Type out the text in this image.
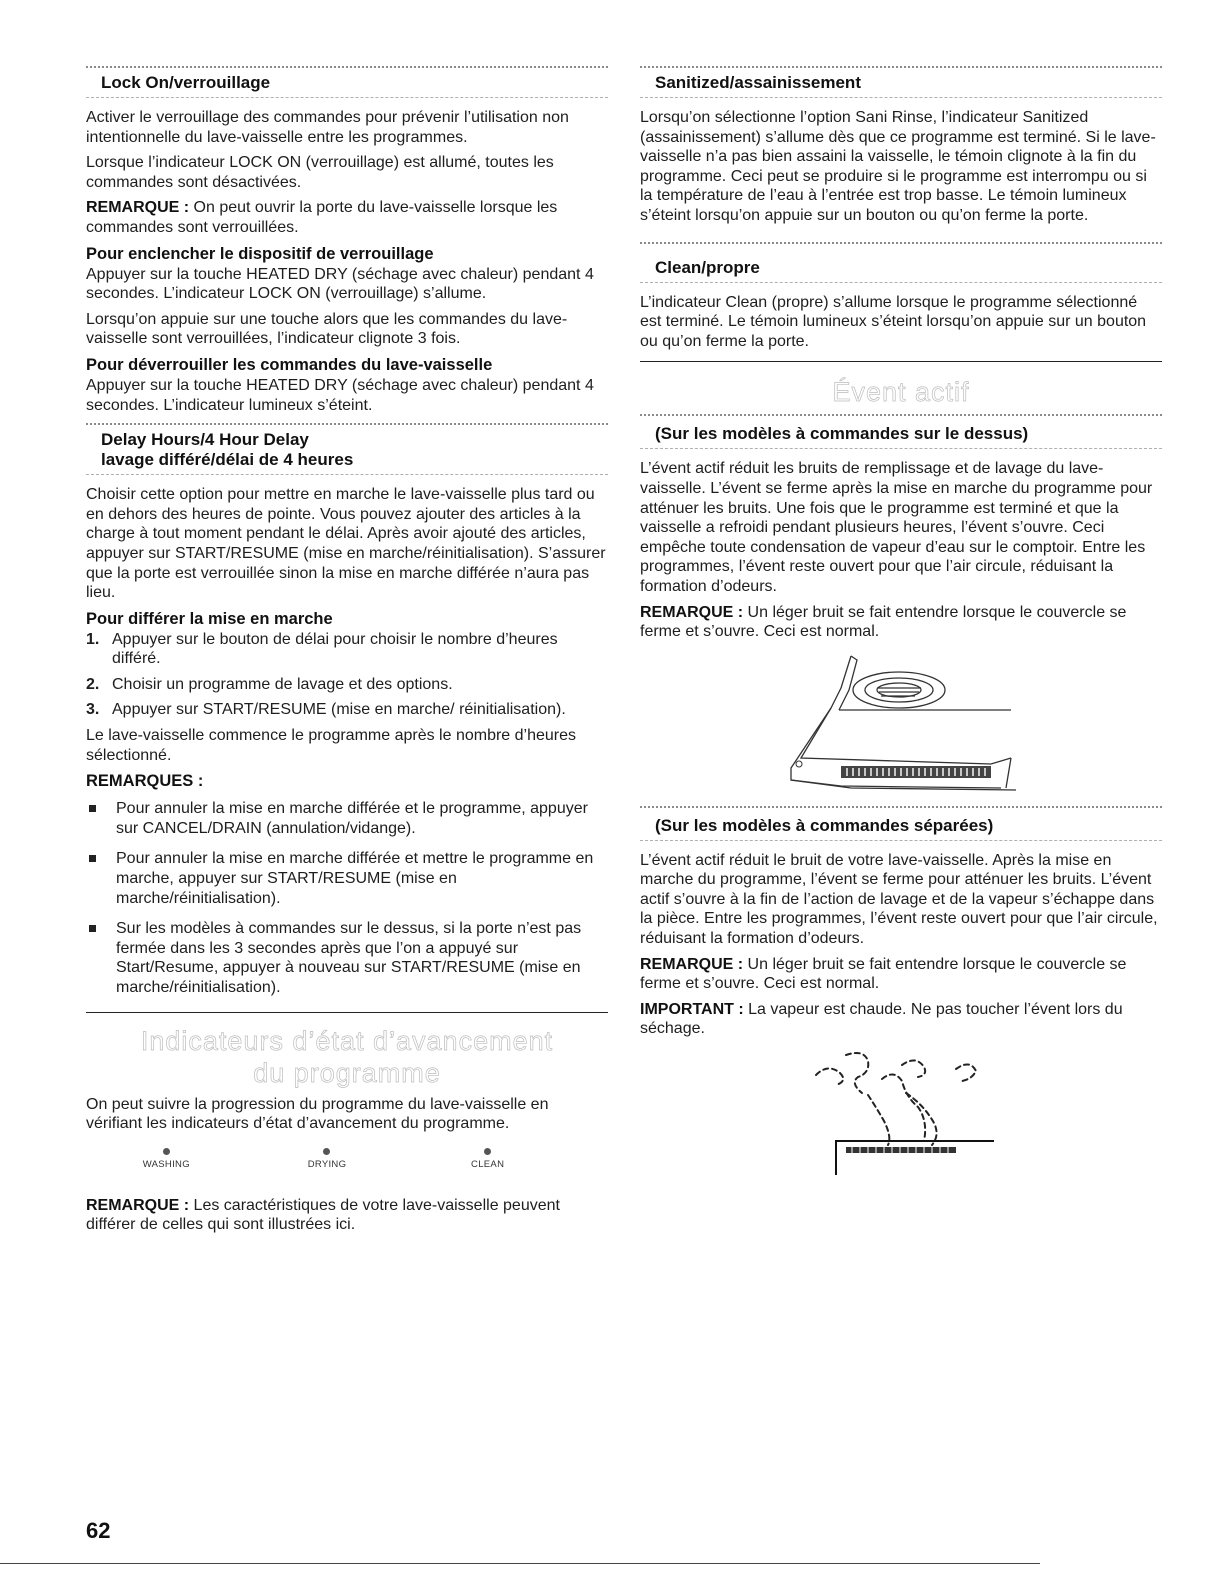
Lock On/verrouillage

Activer le verrouillage des commandes pour prévenir l’utilisation non intentionnelle du lave-vaisselle entre les programmes.

Lorsque l’indicateur LOCK ON (verrouillage) est allumé, toutes les commandes sont désactivées.

REMARQUE : On peut ouvrir la porte du lave-vaisselle lorsque les commandes sont verrouillées.

Pour enclencher le dispositif de verrouillage

Appuyer sur la touche HEATED DRY (séchage avec chaleur) pendant 4 secondes. L’indicateur LOCK ON (verrouillage) s’allume.

Lorsqu’on appuie sur une touche alors que les commandes du lave-vaisselle sont verrouillées, l’indicateur clignote 3 fois.

Pour déverrouiller les commandes du lave-vaisselle

Appuyer sur la touche HEATED DRY (séchage avec chaleur) pendant 4 secondes. L’indicateur lumineux s’éteint.

Delay Hours/4 Hour Delay
lavage différé/délai de 4 heures

Choisir cette option pour mettre en marche le lave-vaisselle plus tard ou en dehors des heures de pointe. Vous pouvez ajouter des articles à la charge à tout moment pendant le délai. Après avoir ajouté des articles, appuyer sur START/RESUME (mise en marche/réinitialisation). S’assurer que la porte est verrouillée sinon la mise en marche différée n’aura pas lieu.

Pour différer la mise en marche
1. Appuyer sur le bouton de délai pour choisir le nombre d’heures différé.
2. Choisir un programme de lavage et des options.
3. Appuyer sur START/RESUME (mise en marche/ réinitialisation).

Le lave-vaisselle commence le programme après le nombre d’heures sélectionné.

REMARQUES :
Pour annuler la mise en marche différée et le programme, appuyer sur CANCEL/DRAIN (annulation/vidange).
Pour annuler la mise en marche différée et mettre le programme en marche, appuyer sur START/RESUME (mise en marche/réinitialisation).
Sur les modèles à commandes sur le dessus, si la porte n’est pas fermée dans les 3 secondes après que l’on a appuyé sur Start/Resume, appuyer à nouveau sur START/RESUME (mise en marche/réinitialisation).
Indicateurs d’état d’avancement
du programme

On peut suivre la progression du programme du lave-vaisselle en vérifiant les indicateurs d’état d’avancement du programme.

WASHING	DRYING	CLEAN

REMARQUE : Les caractéristiques de votre lave-vaisselle peuvent différer de celles qui sont illustrées ici.

Sanitized/assainissement

Lorsqu’on sélectionne l’option Sani Rinse, l’indicateur Sanitized (assainissement) s’allume dès que ce programme est terminé. Si le lave-vaisselle n’a pas bien assaini la vaisselle, le témoin clignote à la fin du programme. Ceci peut se produire si le programme est interrompu ou si la température de l’eau à l’entrée est trop basse. Le témoin lumineux s’éteint lorsqu’on appuie sur un bouton ou qu’on ferme la porte.

Clean/propre

L’indicateur Clean (propre) s’allume lorsque le programme sélectionné est terminé. Le témoin lumineux s’éteint lorsqu’on appuie sur un bouton ou qu’on ferme la porte.

Évent actif
(Sur les modèles à commandes sur le dessus)

L’évent actif réduit les bruits de remplissage et de lavage du lave-vaisselle. L’évent se ferme après la mise en marche du programme pour atténuer les bruits. Une fois que le programme est terminé et que la vaisselle a refroidi pendant plusieurs heures, l’évent s’ouvre. Ceci empêche toute condensation de vapeur d’eau sur le comptoir. Entre les programmes, l’évent reste ouvert pour que l’air circule, réduisant la formation d’odeurs.

REMARQUE : Un léger bruit se fait entendre lorsque le couvercle se ferme et s’ouvre. Ceci est normal.

(Sur les modèles à commandes séparées)

L’évent actif réduit le bruit de votre lave-vaisselle. Après la mise en marche du programme, l’évent se ferme pour atténuer les bruits. L’évent actif s’ouvre à la fin de l’action de lavage et de la vapeur s’échappe dans la pièce. Entre les programmes, l’évent reste ouvert pour que l’air circule, réduisant la formation d’odeurs.

REMARQUE : Un léger bruit se fait entendre lorsque le couvercle se ferme et s’ouvre. Ceci est normal.

IMPORTANT : La vapeur est chaude. Ne pas toucher l’évent lors du séchage.

62
